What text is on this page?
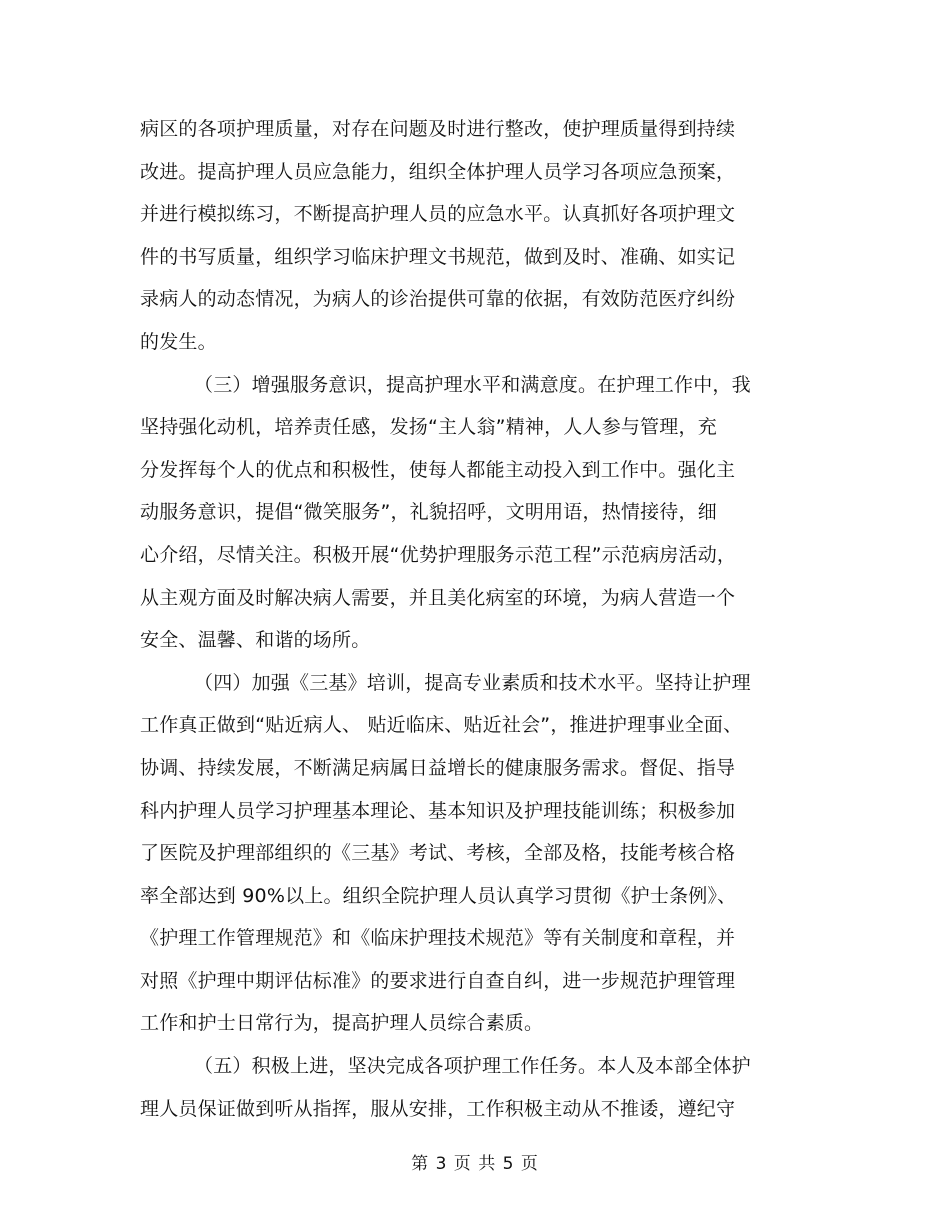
病区的各项护理质量，对存在问题及时进行整改，使护理质量得到持续
改进。提高护理人员应急能力，组织全体护理人员学习各项应急预案，
并进行模拟练习，不断提高护理人员的应急水平。认真抓好各项护理文
件的书写质量，组织学习临床护理文书规范，做到及时、准确、如实记
录病人的动态情况，为病人的诊治提供可靠的依据，有效防范医疗纠纷
的发生。
（三）增强服务意识，提高护理水平和满意度。在护理工作中，我
坚持强化动机，培养责任感，发扬“主人翁”精神，人人参与管理，充
分发挥每个人的优点和积极性，使每人都能主动投入到工作中。强化主
动服务意识，提倡“微笑服务”，礼貌招呼，文明用语，热情接待，细
心介绍，尽情关注。积极开展“优势护理服务示范工程”示范病房活动，
从主观方面及时解决病人需要，并且美化病室的环境，为病人营造一个
安全、温馨、和谐的场所。
（四）加强《三基》培训，提高专业素质和技术水平。坚持让护理
工作真正做到“贴近病人、 贴近临床、贴近社会”，推进护理事业全面、
协调、持续发展，不断满足病属日益增长的健康服务需求。督促、指导
科内护理人员学习护理基本理论、基本知识及护理技能训练；积极参加
了医院及护理部组织的《三基》考试、考核，全部及格，技能考核合格
率全部达到 90%以上。组织全院护理人员认真学习贯彻《护士条例》、
《护理工作管理规范》和《临床护理技术规范》等有关制度和章程，并
对照《护理中期评估标准》的要求进行自查自纠，进一步规范护理管理
工作和护士日常行为，提高护理人员综合素质。
（五）积极上进，坚决完成各项护理工作任务。本人及本部全体护
理人员保证做到听从指挥，服从安排，工作积极主动从不推诿，遵纪守
第 3 页 共 5 页
